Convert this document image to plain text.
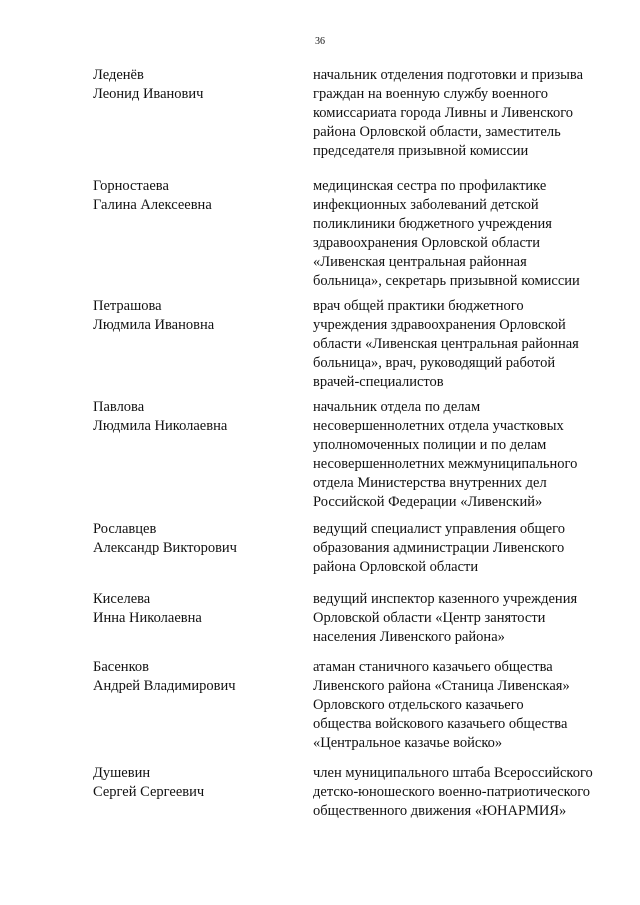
36
Леденёв
Леонид Иванович
начальник отделения подготовки и призыва
граждан на военную службу военного
комиссариата города Ливны и Ливенского
района Орловской области, заместитель
председателя призывной комиссии
Горностаева
Галина Алексеевна
медицинская сестра по профилактике
инфекционных заболеваний детской
поликлиники бюджетного учреждения
здравоохранения Орловской области
«Ливенская центральная районная
больница», секретарь призывной комиссии
Петрашова
Людмила Ивановна
врач общей практики бюджетного
учреждения здравоохранения Орловской
области «Ливенская центральная районная
больница», врач, руководящий работой
врачей-специалистов
Павлова
Людмила Николаевна
начальник отдела по делам
несовершеннолетних отдела участковых
уполномоченных полиции и по делам
несовершеннолетних межмуниципального
отдела Министерства внутренних дел
Российской Федерации «Ливенский»
Рославцев
Александр Викторович
ведущий специалист управления общего
образования администрации Ливенского
района Орловской области
Киселева
Инна Николаевна
ведущий инспектор казенного учреждения
Орловской области «Центр занятости
населения Ливенского района»
Басенков
Андрей Владимирович
атаман станичного казачьего общества
Ливенского района «Станица Ливенская»
Орловского отдельского казачьего
общества войскового казачьего общества
«Центральное казачье войско»
Душевин
Сергей Сергеевич
член муниципального штаба Всероссийского
детско-юношеского военно-патриотического
общественного движения «ЮНАРМИЯ»
